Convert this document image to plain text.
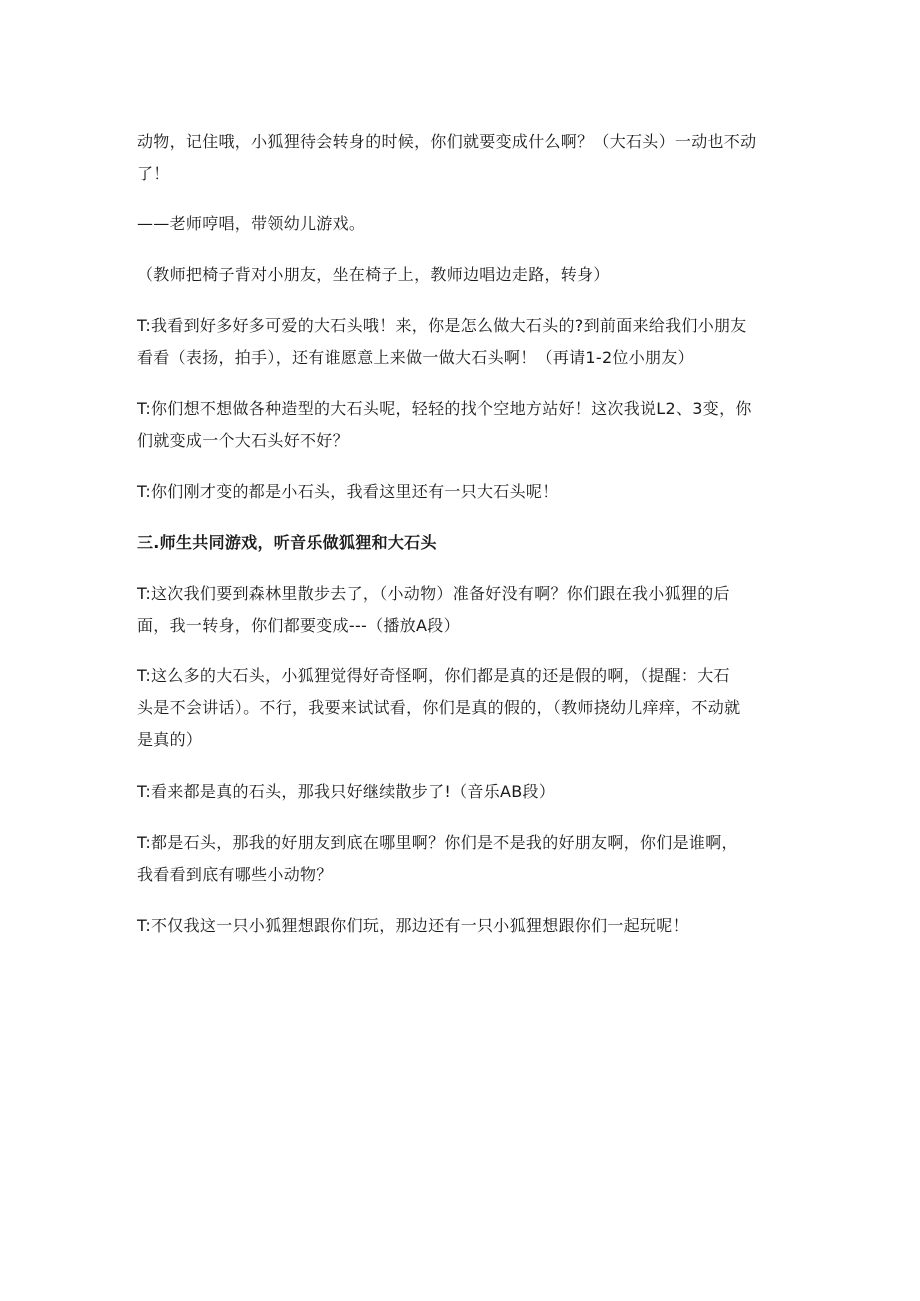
动物，记住哦，小狐狸待会转身的时候，你们就要变成什么啊？（大石头）一动也不动
了！

——老师哼唱，带领幼儿游戏。

（教师把椅子背对小朋友，坐在椅子上，教师边唱边走路，转身）

T:我看到好多好多可爱的大石头哦！来，你是怎么做大石头的?到前面来给我们小朋友
看看（表扬，拍手），还有谁愿意上来做一做大石头啊！（再请1-2位小朋友）

T:你们想不想做各种造型的大石头呢，轻轻的找个空地方站好！这次我说L2、3变，你
们就变成一个大石头好不好？

T:你们刚才变的都是小石头，我看这里还有一只大石头呢！

三.师生共同游戏，听音乐做狐狸和大石头

T:这次我们要到森林里散步去了，（小动物）准备好没有啊？你们跟在我小狐狸的后
面，我一转身，你们都要变成---（播放A段）

T:这么多的大石头，小狐狸觉得好奇怪啊，你们都是真的还是假的啊，（提醒：大石
头是不会讲话）。不行，我要来试试看，你们是真的假的，（教师挠幼儿痒痒，不动就
是真的）

T:看来都是真的石头，那我只好继续散步了!（音乐AB段）

T:都是石头，那我的好朋友到底在哪里啊？你们是不是我的好朋友啊，你们是谁啊，
我看看到底有哪些小动物？

T:不仅我这一只小狐狸想跟你们玩，那边还有一只小狐狸想跟你们一起玩呢！
